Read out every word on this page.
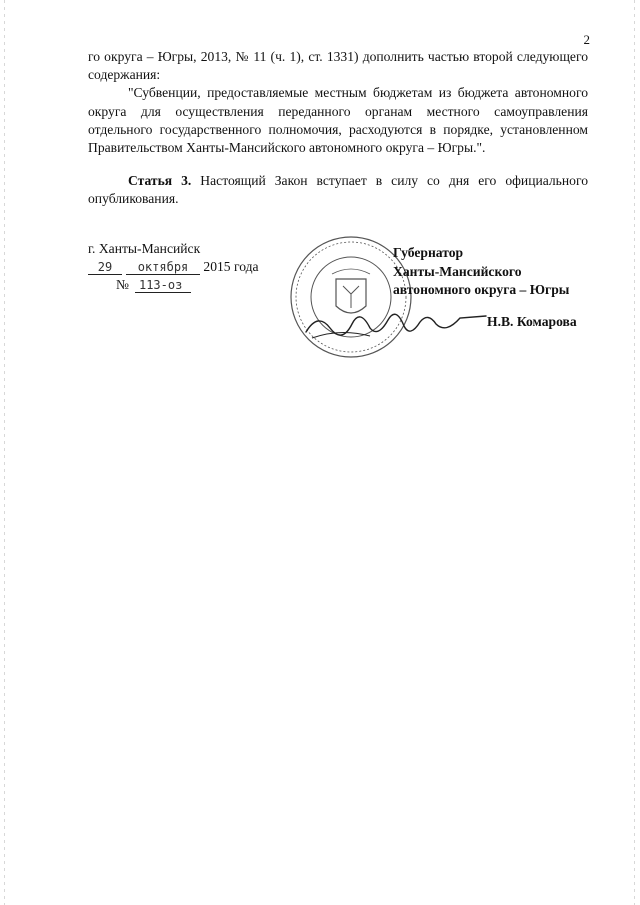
2

го округа – Югры, 2013, № 11 (ч. 1), ст. 1331) дополнить частью второй следующего содержания:

"Субвенции, предоставляемые местным бюджетам из бюджета автономного округа для осуществления переданного органам местного самоуправления отдельного государственного полномочия, расходуются в порядке, установленном Правительством Ханты-Мансийского автономного округа – Югры.".

Статья 3. Настоящий Закон вступает в силу со дня его официального опубликования.

г. Ханты-Мансийск
29 октября 2015 года
№ 113-оз
Губернатор
Ханты-Мансийского
автономного округа – Югры
Н.В. Комарова
